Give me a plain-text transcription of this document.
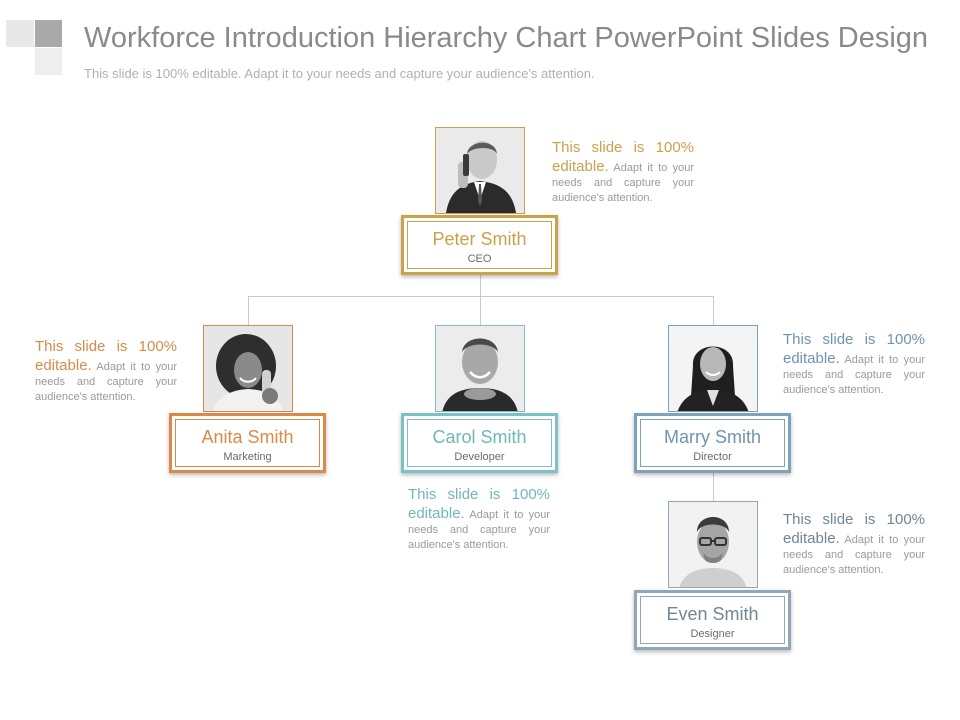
Workforce Introduction Hierarchy Chart PowerPoint Slides Design
This slide is 100% editable. Adapt it to your needs and capture your audience's attention.
Peter Smith
CEO
This slide is 100% editable. Adapt it to your needs and capture your audience's attention.
Anita Smith
Marketing
This slide is 100% editable. Adapt it to your needs and capture your audience's attention.
Carol Smith
Developer
This slide is 100% editable. Adapt it to your needs and capture your audience's attention.
Marry Smith
Director
This slide is 100% editable. Adapt it to your needs and capture your audience's attention.
Even Smith
Designer
This slide is 100% editable. Adapt it to your needs and capture your audience's attention.
